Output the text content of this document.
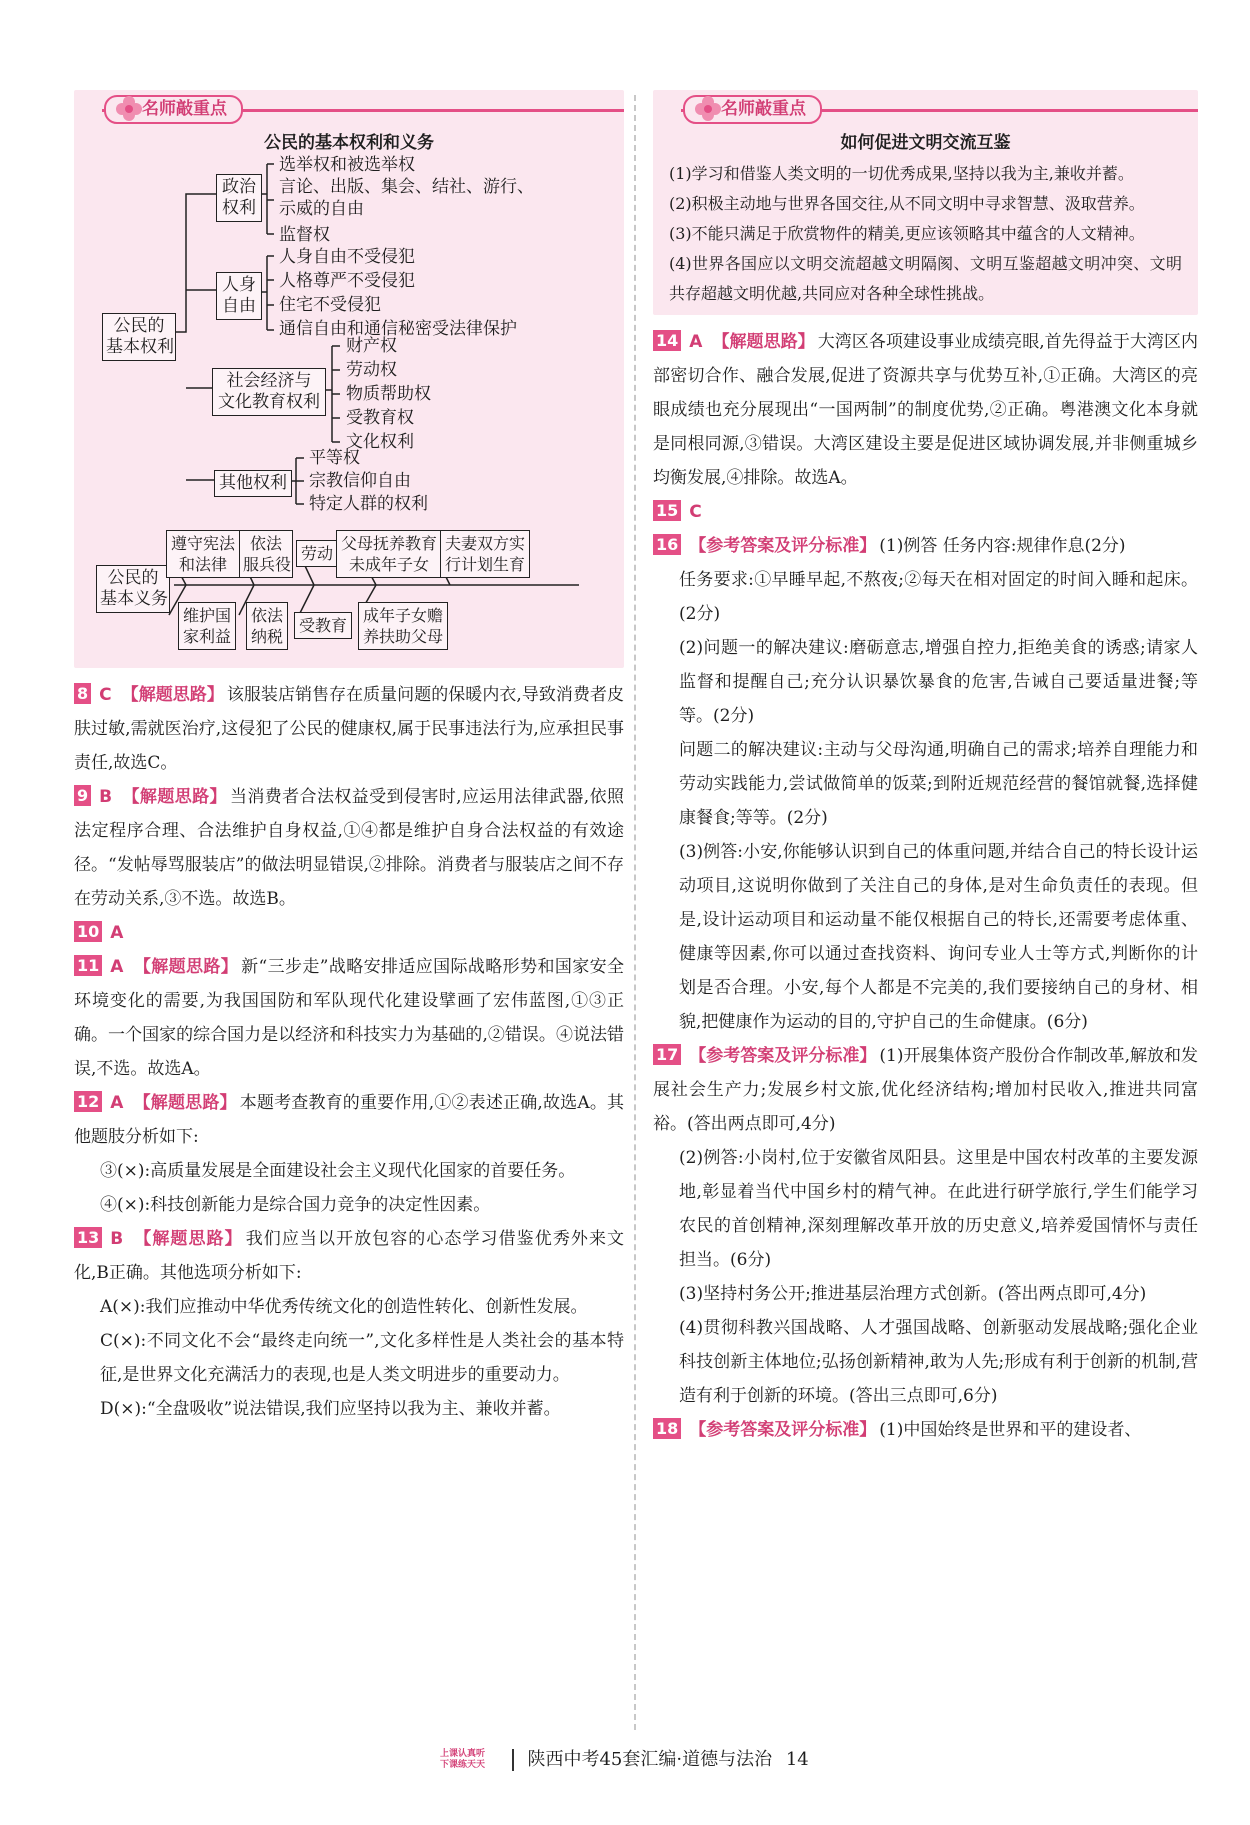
名师敲重点
公民的基本权利和义务
公民的
基本权利
政治
权利
人身
自由
社会经济与
文化教育权利
其他权利
选举权和被选举权
言论、出版、集会、结社、游行、
示威的自由
监督权
人身自由不受侵犯
人格尊严不受侵犯
住宅不受侵犯
通信自由和通信秘密受法律保护
财产权
劳动权
物质帮助权
受教育权
文化权利
平等权
宗教信仰自由
特定人群的权利
公民的
基本义务
遵守宪法
和法律
依法
服兵役
劳动
父母抚养教育
未成年子女
夫妻双方实
行计划生育
维护国
家利益
依法
纳税
受教育
成年子女赡
养扶助父母
8 C 【解题思路】 该服装店销售存在质量问题的保暖内衣,导致消费者皮肤过敏,需就医治疗,这侵犯了公民的健康权,属于民事违法行为,应承担民事责任,故选C。
9 B 【解题思路】 当消费者合法权益受到侵害时,应运用法律武器,依照法定程序合理、合法维护自身权益,①④都是维护自身合法权益的有效途径。“发帖辱骂服装店”的做法明显错误,②排除。消费者与服装店之间不存在劳动关系,③不选。故选B。
10 A
11 A 【解题思路】 新“三步走”战略安排适应国际战略形势和国家安全环境变化的需要,为我国国防和军队现代化建设擘画了宏伟蓝图,①③正确。一个国家的综合国力是以经济和科技实力为基础的,②错误。④说法错误,不选。故选A。
12 A 【解题思路】 本题考查教育的重要作用,①②表述正确,故选A。其他题肢分析如下:
③(×):高质量发展是全面建设社会主义现代化国家的首要任务。
④(×):科技创新能力是综合国力竞争的决定性因素。
13 B 【解题思路】 我们应当以开放包容的心态学习借鉴优秀外来文化,B正确。其他选项分析如下:
A(×):我们应推动中华优秀传统文化的创造性转化、创新性发展。
C(×):不同文化不会“最终走向统一”,文化多样性是人类社会的基本特征,是世界文化充满活力的表现,也是人类文明进步的重要动力。
D(×):“全盘吸收”说法错误,我们应坚持以我为主、兼收并蓄。
名师敲重点
如何促进文明交流互鉴
(1)学习和借鉴人类文明的一切优秀成果,坚持以我为主,兼收并蓄。
(2)积极主动地与世界各国交往,从不同文明中寻求智慧、汲取营养。
(3)不能只满足于欣赏物件的精美,更应该领略其中蕴含的人文精神。
(4)世界各国应以文明交流超越文明隔阂、文明互鉴超越文明冲突、文明共存超越文明优越,共同应对各种全球性挑战。
14 A 【解题思路】 大湾区各项建设事业成绩亮眼,首先得益于大湾区内部密切合作、融合发展,促进了资源共享与优势互补,①正确。大湾区的亮眼成绩也充分展现出“一国两制”的制度优势,②正确。粤港澳文化本身就是同根同源,③错误。大湾区建设主要是促进区域协调发展,并非侧重城乡均衡发展,④排除。故选A。
15 C
16 【参考答案及评分标准】 (1)例答 任务内容:规律作息(2分)
任务要求:①早睡早起,不熬夜;②每天在相对固定的时间入睡和起床。(2分)
(2)问题一的解决建议:磨砺意志,增强自控力,拒绝美食的诱惑;请家人监督和提醒自己;充分认识暴饮暴食的危害,告诫自己要适量进餐;等等。(2分)
问题二的解决建议:主动与父母沟通,明确自己的需求;培养自理能力和劳动实践能力,尝试做简单的饭菜;到附近规范经营的餐馆就餐,选择健康餐食;等等。(2分)
(3)例答:小安,你能够认识到自己的体重问题,并结合自己的特长设计运动项目,这说明你做到了关注自己的身体,是对生命负责任的表现。但是,设计运动项目和运动量不能仅根据自己的特长,还需要考虑体重、健康等因素,你可以通过查找资料、询问专业人士等方式,判断你的计划是否合理。小安,每个人都是不完美的,我们要接纳自己的身材、相貌,把健康作为运动的目的,守护自己的生命健康。(6分)
17 【参考答案及评分标准】 (1)开展集体资产股份合作制改革,解放和发展社会生产力;发展乡村文旅,优化经济结构;增加村民收入,推进共同富裕。(答出两点即可,4分)
(2)例答:小岗村,位于安徽省凤阳县。这里是中国农村改革的主要发源地,彰显着当代中国乡村的精气神。在此进行研学旅行,学生们能学习农民的首创精神,深刻理解改革开放的历史意义,培养爱国情怀与责任担当。(6分)
(3)坚持村务公开;推进基层治理方式创新。(答出两点即可,4分)
(4)贯彻科教兴国战略、人才强国战略、创新驱动发展战略;强化企业科技创新主体地位;弘扬创新精神,敢为人先;形成有利于创新的机制,营造有利于创新的环境。(答出三点即可,6分)
18 【参考答案及评分标准】 (1)中国始终是世界和平的建设者、
上课认真听
下课练天天 陕西中考45套汇编·道德与法治 14
